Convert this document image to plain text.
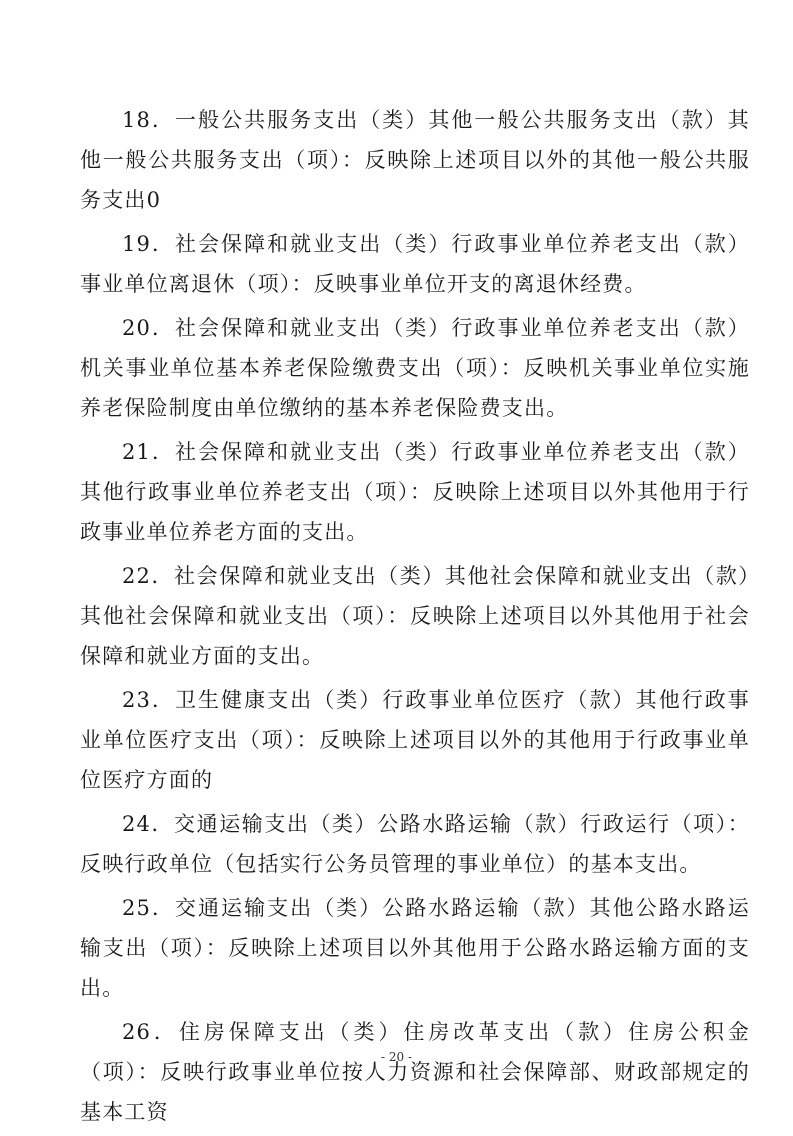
18．一般公共服务支出（类）其他一般公共服务支出（款）其他一般公共服务支出（项）：反映除上述项目以外的其他一般公共服务支出0

19．社会保障和就业支出（类）行政事业单位养老支出（款）事业单位离退休（项）：反映事业单位开支的离退休经费。

20．社会保障和就业支出（类）行政事业单位养老支出（款）机关事业单位基本养老保险缴费支出（项）：反映机关事业单位实施养老保险制度由单位缴纳的基本养老保险费支出。

21．社会保障和就业支出（类）行政事业单位养老支出（款）其他行政事业单位养老支出（项）：反映除上述项目以外其他用于行政事业单位养老方面的支出。

22．社会保障和就业支出（类）其他社会保障和就业支出（款）其他社会保障和就业支出（项）：反映除上述项目以外其他用于社会保障和就业方面的支出。

23．卫生健康支出（类）行政事业单位医疗（款）其他行政事业单位医疗支出（项）：反映除上述项目以外的其他用于行政事业单位医疗方面的

24．交通运输支出（类）公路水路运输（款）行政运行（项）：反映行政单位（包括实行公务员管理的事业单位）的基本支出。

25．交通运输支出（类）公路水路运输（款）其他公路水路运输支出（项）：反映除上述项目以外其他用于公路水路运输方面的支出。

26．住房保障支出（类）住房改革支出（款）住房公积金（项）：反映行政事业单位按人力资源和社会保障部、财政部规定的 基本工资

- 20 -
